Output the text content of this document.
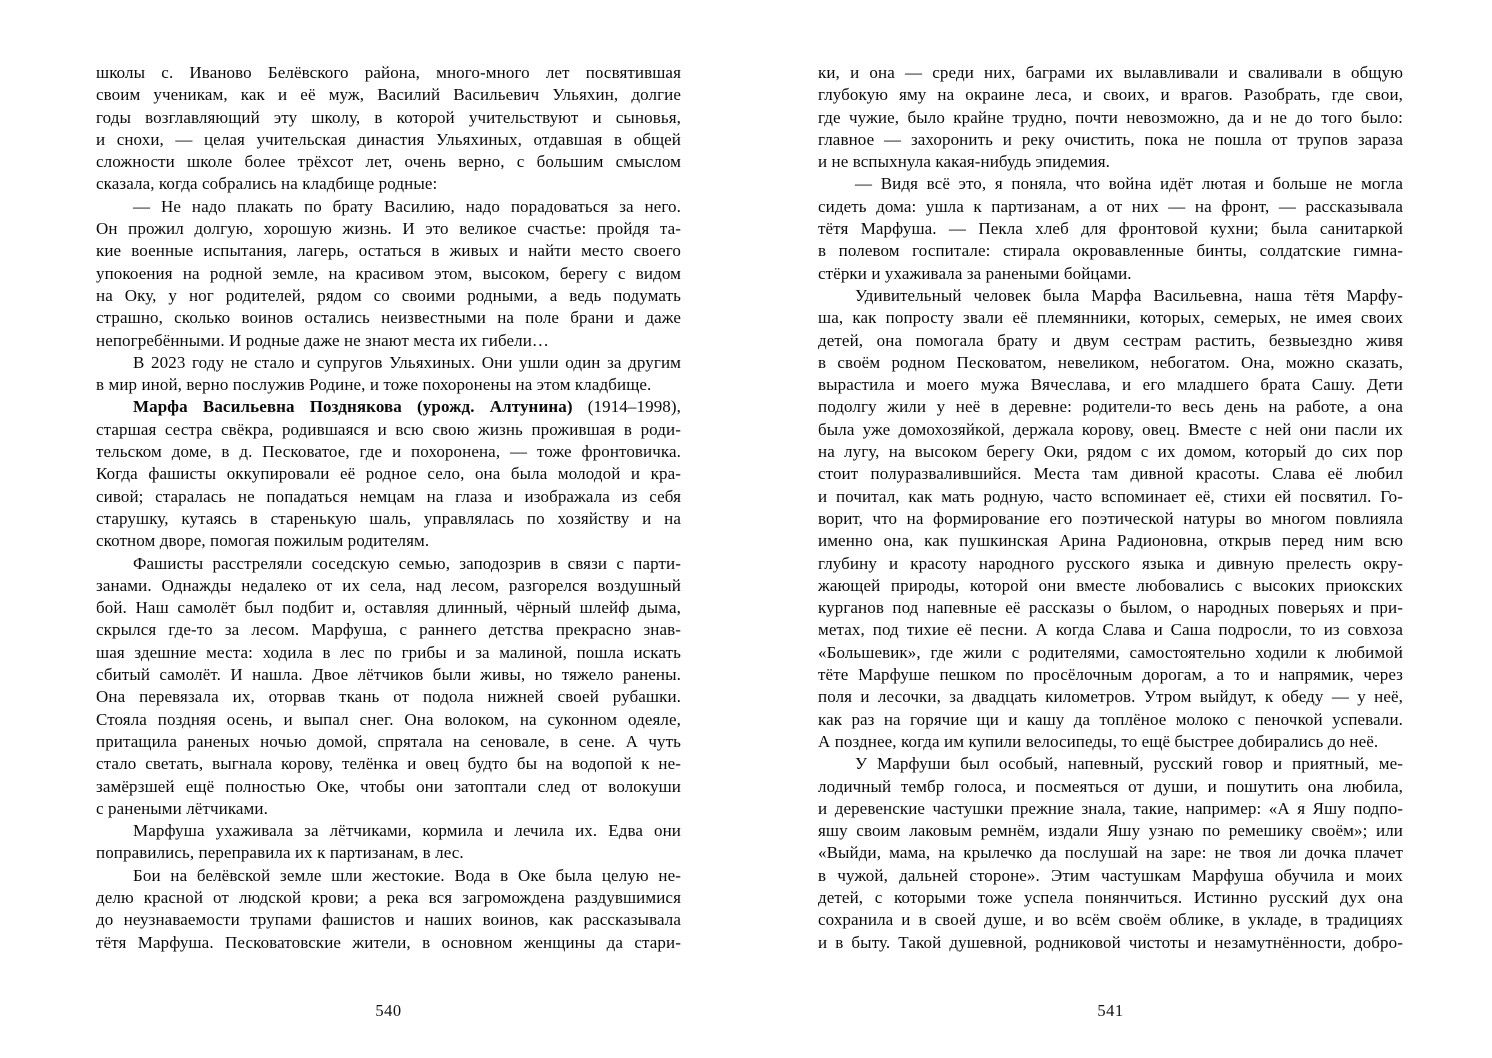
школы с. Иваново Белёвского района, много-много лет посвятившая
своим ученикам, как и её муж, Василий Васильевич Ульяхин, долгие
годы возглавляющий эту школу, в которой учительствуют и сыновья,
и снохи, — целая учительская династия Ульяхиных, отдавшая в общей
сложности школе более трёхсот лет, очень верно, с большим смыслом
сказала, когда собрались на кладбище родные:
— Не надо плакать по брату Василию, надо порадоваться за него.
Он прожил долгую, хорошую жизнь. И это великое счастье: пройдя та-
кие военные испытания, лагерь, остаться в живых и найти место своего
упокоения на родной земле, на красивом этом, высоком, берегу с видом
на Оку, у ног родителей, рядом со своими родными, а ведь подумать
страшно, сколько воинов остались неизвестными на поле брани и даже
непогребёнными. И родные даже не знают места их гибели…
В 2023 году не стало и супругов Ульяхиных. Они ушли один за другим
в мир иной, верно послужив Родине, и тоже похоронены на этом кладбище.
Марфа Васильевна Позднякова (урожд. Алтунина) (1914–1998),
старшая сестра свёкра, родившаяся и всю свою жизнь прожившая в роди-
тельском доме, в д. Песковатое, где и похоронена, — тоже фронтовичка.
Когда фашисты оккупировали её родное село, она была молодой и кра-
сивой; старалась не попадаться немцам на глаза и изображала из себя
старушку, кутаясь в старенькую шаль, управлялась по хозяйству и на
скотном дворе, помогая пожилым родителям.
Фашисты расстреляли соседскую семью, заподозрив в связи с парти-
занами. Однажды недалеко от их села, над лесом, разгорелся воздушный
бой. Наш самолёт был подбит и, оставляя длинный, чёрный шлейф дыма,
скрылся где-то за лесом. Марфуша, с раннего детства прекрасно знав-
шая здешние места: ходила в лес по грибы и за малиной, пошла искать
сбитый самолёт. И нашла. Двое лётчиков были живы, но тяжело ранены.
Она перевязала их, оторвав ткань от подола нижней своей рубашки.
Стояла поздняя осень, и выпал снег. Она волоком, на суконном одеяле,
притащила раненых ночью домой, спрятала на сеновале, в сене. А чуть
стало светать, выгнала корову, телёнка и овец будто бы на водопой к не-
замёрзшей ещё полностью Оке, чтобы они затоптали след от волокуши
с ранеными лётчиками.
Марфуша ухаживала за лётчиками, кормила и лечила их. Едва они
поправились, переправила их к партизанам, в лес.
Бои на белёвской земле шли жестокие. Вода в Оке была целую не-
делю красной от людской крови; а река вся загромождена раздувшимися
до неузнаваемости трупами фашистов и наших воинов, как рассказывала
тётя Марфуша. Песковатовские жители, в основном женщины да стари-
540
ки, и она — среди них, баграми их вылавливали и сваливали в общую
глубокую яму на окраине леса, и своих, и врагов. Разобрать, где свои,
где чужие, было крайне трудно, почти невозможно, да и не до того было:
главное — захоронить и реку очистить, пока не пошла от трупов зараза
и не вспыхнула какая-нибудь эпидемия.
— Видя всё это, я поняла, что война идёт лютая и больше не могла
сидеть дома: ушла к партизанам, а от них — на фронт, — рассказывала
тётя Марфуша. — Пекла хлеб для фронтовой кухни; была санитаркой
в полевом госпитале: стирала окровавленные бинты, солдатские гимна-
стёрки и ухаживала за ранеными бойцами.
Удивительный человек была Марфа Васильевна, наша тётя Марфу-
ша, как попросту звали её племянники, которых, семерых, не имея своих
детей, она помогала брату и двум сестрам растить, безвыездно живя
в своём родном Песковатом, невеликом, небогатом. Она, можно сказать,
вырастила и моего мужа Вячеслава, и его младшего брата Сашу. Дети
подолгу жили у неё в деревне: родители-то весь день на работе, а она
была уже домохозяйкой, держала корову, овец. Вместе с ней они пасли их
на лугу, на высоком берегу Оки, рядом с их домом, который до сих пор
стоит полуразвалившийся. Места там дивной красоты. Слава её любил
и почитал, как мать родную, часто вспоминает её, стихи ей посвятил. Го-
ворит, что на формирование его поэтической натуры во многом повлияла
именно она, как пушкинская Арина Радионовна, открыв перед ним всю
глубину и красоту народного русского языка и дивную прелесть окру-
жающей природы, которой они вместе любовались с высоких приокских
курганов под напевные её рассказы о былом, о народных поверьях и при-
метах, под тихие её песни. А когда Слава и Саша подросли, то из совхоза
«Большевик», где жили с родителями, самостоятельно ходили к любимой
тёте Марфуше пешком по просёлочным дорогам, а то и напрямик, через
поля и лесочки, за двадцать километров. Утром выйдут, к обеду — у неё,
как раз на горячие щи и кашу да топлёное молоко с пеночкой успевали.
А позднее, когда им купили велосипеды, то ещё быстрее добирались до неё.
У Марфуши был особый, напевный, русский говор и приятный, ме-
лодичный тембр голоса, и посмеяться от души, и пошутить она любила,
и деревенские частушки прежние знала, такие, например: «А я Яшу подпо-
яшу своим лаковым ремнём, издали Яшу узнаю по ремешику своём»; или
«Выйди, мама, на крылечко да послушай на заре: не твоя ли дочка плачет
в чужой, дальней стороне». Этим частушкам Марфуша обучила и моих
детей, с которыми тоже успела понянчиться. Истинно русский дух она
сохранила и в своей душе, и во всём своём облике, в укладе, в традициях
и в быту. Такой душевной, родниковой чистоты и незамутнённости, добро-
541
